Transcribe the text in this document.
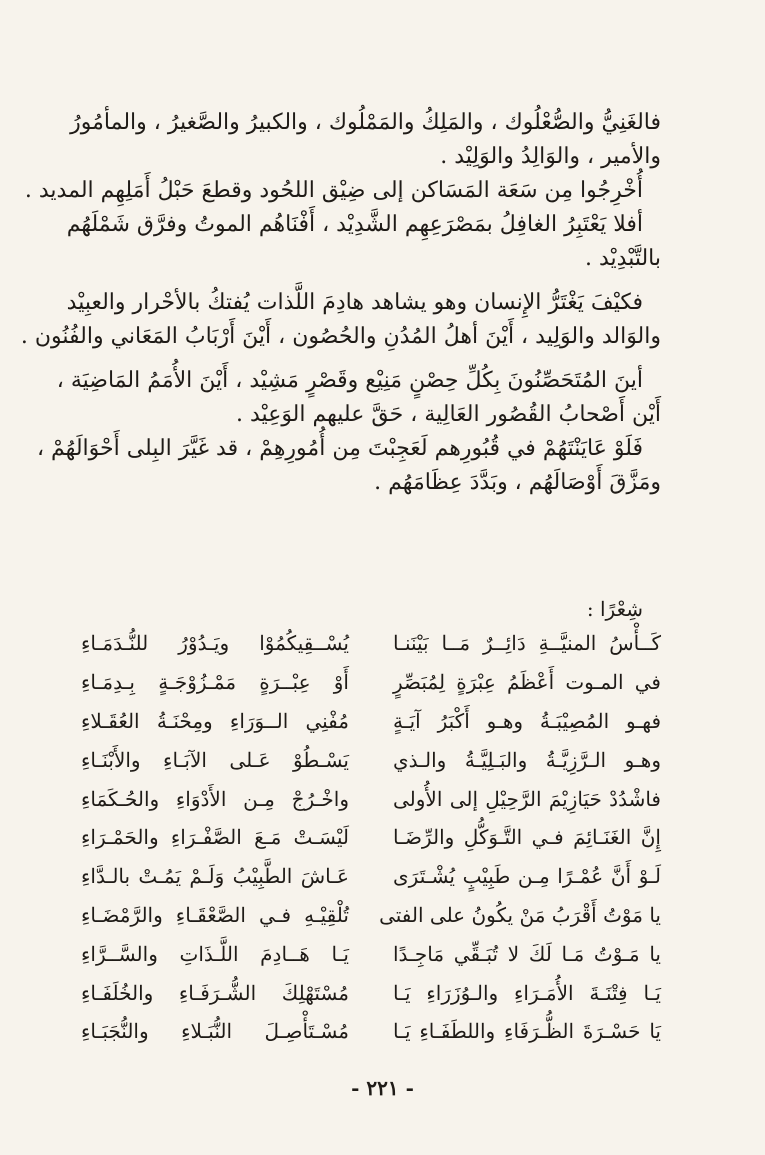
فالغَنِيُّ والصُّعْلُوك ، والمَلِكُ والمَمْلُوك ، والكبيرُ والصَّغيرُ ، والمأمُورُ
والأمير ، والوَالِدُ والوَلِيْد .
أُخْرِجُوا مِن سَعَة المَسَاكن إلى ضِيْق اللحُود وقطعَ حَبْلُ أَمَلِهِم المديد .
أفلا يَعْتَبِرُ الغافِلُ بمَصْرَعِهِم الشَّدِيْد ، أَفْنَاهُم الموتُ وفرَّق شَمْلَهُم
بالتَّبْدِيْد .
فكيْفَ يَغْتَرُّ الإِنسان وهو يشاهد هادِمَ اللَّذات يُفتكُ بالأحْرار والعبِيْد
والوَالد والوَلِيد ، أَيْنَ أهلُ المُدُنِ والحُصُون ، أَيْنَ أَرْبَابُ المَعَاني والفُنُون .
أينَ المُتَحَصِّنُونَ بِكُلِّ حِصْنٍ مَنِيْع وقَصْرٍ مَشِيْد ، أَيْنَ الأُمَمُ المَاضِيَة ،
أَيْن أَصْحابُ القُصُور العَالِية ، حَقَّ عليهم الوَعِيْد .
فَلَوْ عَايَنْتَهُمْ في قُبُورِهم لَعَجِبْتَ مِن أُمُورِهِمْ ، قد غَيَّرَ البِلى أَحْوَالَهُمْ ،
ومَزَّقَ أَوْصَالَهُم ، وبَدَّدَ عِظَامَهُم .
شِعْرًا :
كَــأْسُ المنيَّــةِ دَائِــرٌ مَــا بَيْنَنـا
يُسْــقِيكُمُوْا ويَـدُوْرُ للنُّـدَمَـاءِ
في المـوت أَعْظَمُ عِبْرَةٍ لِمُبَصِّرٍ
أَوْ عِبْــرَةٍ مَمْـزُوْجَـةٍ بِـدِمَـاءِ
فهـو المُصِيْبَـةُ وهـو أَكْبَرُ آيَـةٍ
مُفْنِي الــوَرَاءِ ومِحْنَـةُ العُقَـلاءِ
وهـو الـرَّزِيَّـةُ والبَـلِيَّـةُ والـذي
يَسْـطُوْ عَـلى الآبَـاءِ والأَبْنَـاءِ
فاشْدُدْ حَيَازِيْمَ الرَّحِيْلِ إلى الأُولى
واخْـرُجْ مِـن الأَدْوَاءِ والحُـكَمَاءِ
إِنَّ الغَنَـائِمَ فـي التَّـوَكُّلِ والرِّضَـا
لَيْسَـتْ مَـعَ الصَّفْـرَاءِ والحَمْـرَاءِ
لَـوْ أَنَّ عُمْـرًا مِـن طَبِيْبٍ يُشْـتَرَى
عَـاشَ الطَّبِيْبُ وَلَـمْ يَمُـتْ بالـدَّاءِ
يا مَوْتُ أَقْرَبُ مَنْ يكُونُ على الفتى
تُلْقِيْـهِ فـي الصَّعْقَـاءِ والرَّمْضَـاءِ
يا مَـوْتُ مَـا لَكَ لا تُبَـقِّي مَاجِـدًا
يَـا هَــادِمَ اللَّـذَاتِ والسَّــرَّاءِ
يَـا فِتْنَـةَ الأُمَـرَاءِ والـوُزَرَاءِ يَـا
مُسْتَهْلِكَ الشُّـرَفَـاءِ والخُلَفَـاءِ
يَا حَسْـرَةَ الظُّـرَفَاءِ واللطَفَـاءِ يَـا
مُسْـتَأْصِـلَ النُّبَـلاءِ والنُّجَبَـاءِ
- ٢٢١ -
